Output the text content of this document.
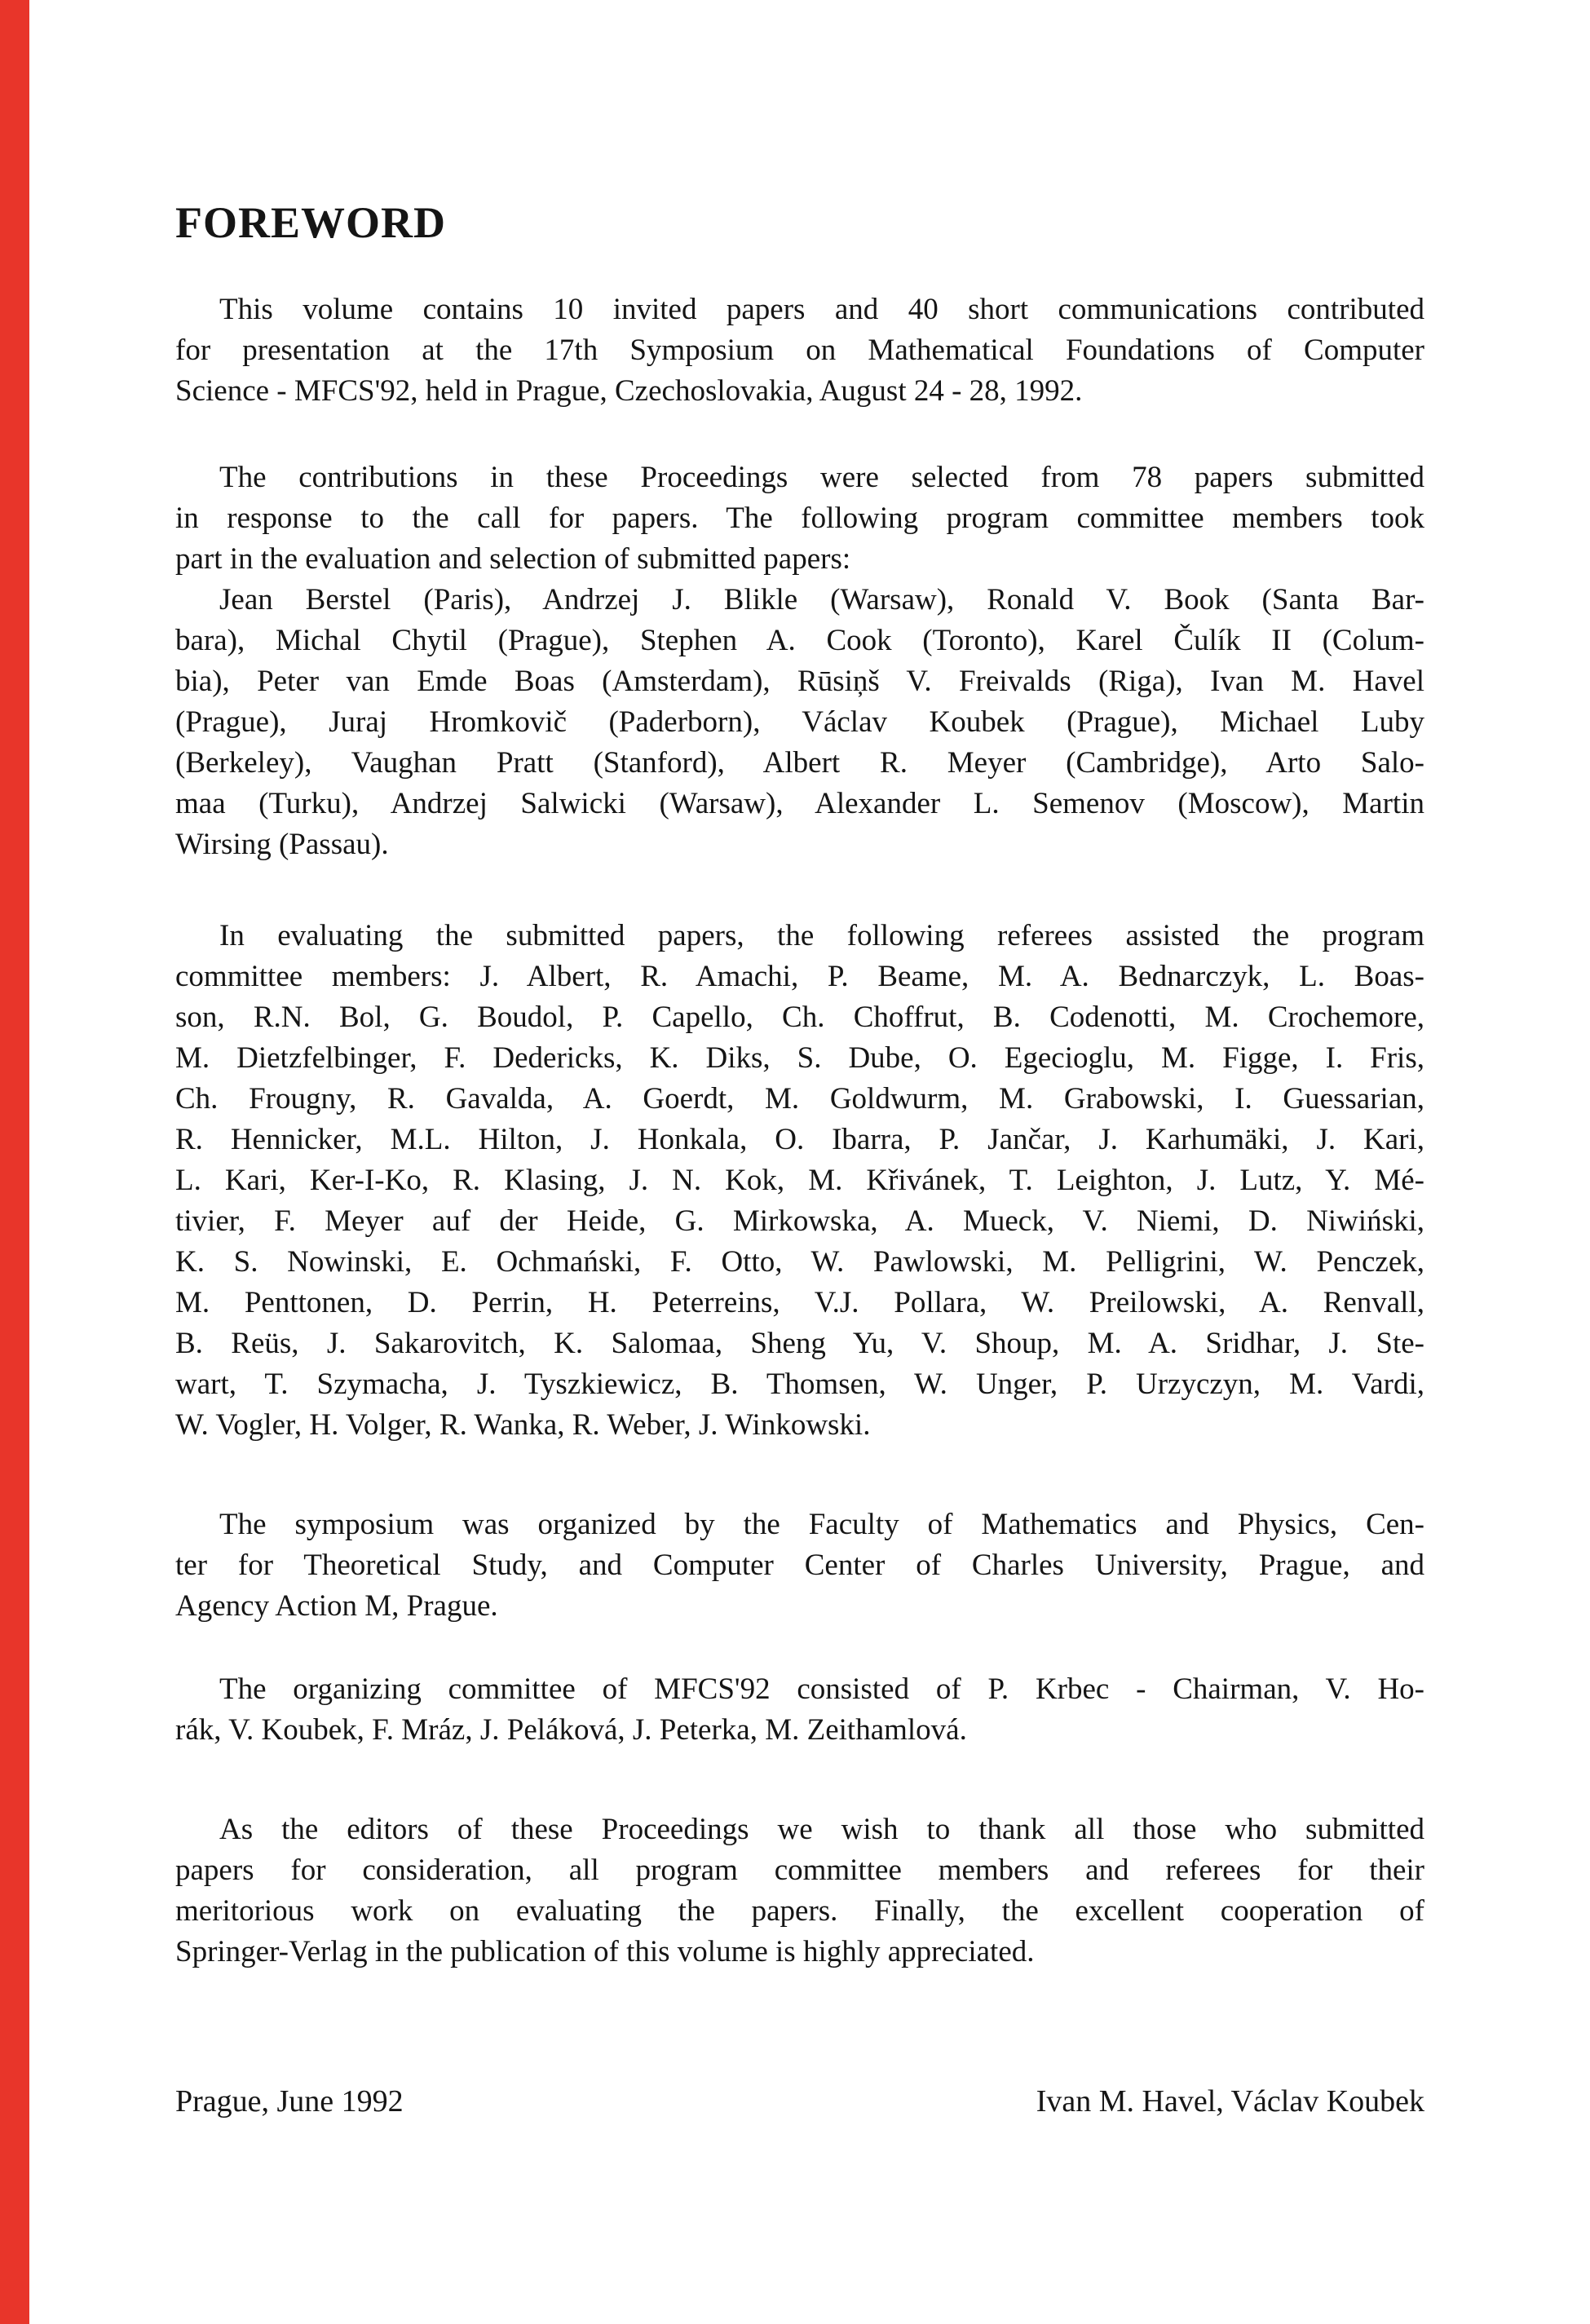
FOREWORD
This volume contains 10 invited papers and 40 short communications contributed
for presentation at the 17th Symposium on Mathematical Foundations of Computer
Science - MFCS'92, held in Prague, Czechoslovakia, August 24 - 28, 1992.
The contributions in these Proceedings were selected from 78 papers submitted
in response to the call for papers. The following program committee members took
part in the evaluation and selection of submitted papers:
Jean Berstel (Paris), Andrzej J. Blikle (Warsaw), Ronald V. Book (Santa Bar-
bara), Michal Chytil (Prague), Stephen A. Cook (Toronto), Karel Čulík II (Colum-
bia), Peter van Emde Boas (Amsterdam), Rūsiņš V. Freivalds (Riga), Ivan M. Havel
(Prague), Juraj Hromkovič (Paderborn), Václav Koubek (Prague), Michael Luby
(Berkeley), Vaughan Pratt (Stanford), Albert R. Meyer (Cambridge), Arto Salo-
maa (Turku), Andrzej Salwicki (Warsaw), Alexander L. Semenov (Moscow), Martin
Wirsing (Passau).
In evaluating the submitted papers, the following referees assisted the program
committee members: J. Albert, R. Amachi, P. Beame, M. A. Bednarczyk, L. Boas-
son, R.N. Bol, G. Boudol, P. Capello, Ch. Choffrut, B. Codenotti, M. Crochemore,
M. Dietzfelbinger, F. Dedericks, K. Diks, S. Dube, O. Egecioglu, M. Figge, I. Fris,
Ch. Frougny, R. Gavalda, A. Goerdt, M. Goldwurm, M. Grabowski, I. Guessarian,
R. Hennicker, M.L. Hilton, J. Honkala, O. Ibarra, P. Jančar, J. Karhumäki, J. Kari,
L. Kari, Ker-I-Ko, R. Klasing, J. N. Kok, M. Křivánek, T. Leighton, J. Lutz, Y. Mé-
tivier, F. Meyer auf der Heide, G. Mirkowska, A. Mueck, V. Niemi, D. Niwiński,
K. S. Nowinski, E. Ochmański, F. Otto, W. Pawlowski, M. Pelligrini, W. Penczek,
M. Penttonen, D. Perrin, H. Peterreins, V.J. Pollara, W. Preilowski, A. Renvall,
B. Reüs, J. Sakarovitch, K. Salomaa, Sheng Yu, V. Shoup, M. A. Sridhar, J. Ste-
wart, T. Szymacha, J. Tyszkiewicz, B. Thomsen, W. Unger, P. Urzyczyn, M. Vardi,
W. Vogler, H. Volger, R. Wanka, R. Weber, J. Winkowski.
The symposium was organized by the Faculty of Mathematics and Physics, Cen-
ter for Theoretical Study, and Computer Center of Charles University, Prague, and
Agency Action M, Prague.
The organizing committee of MFCS'92 consisted of P. Krbec - Chairman, V. Ho-
rák, V. Koubek, F. Mráz, J. Peláková, J. Peterka, M. Zeithamlová.
As the editors of these Proceedings we wish to thank all those who submitted
papers for consideration, all program committee members and referees for their
meritorious work on evaluating the papers. Finally, the excellent cooperation of
Springer-Verlag in the publication of this volume is highly appreciated.
Prague, June 1992	Ivan M. Havel, Václav Koubek
